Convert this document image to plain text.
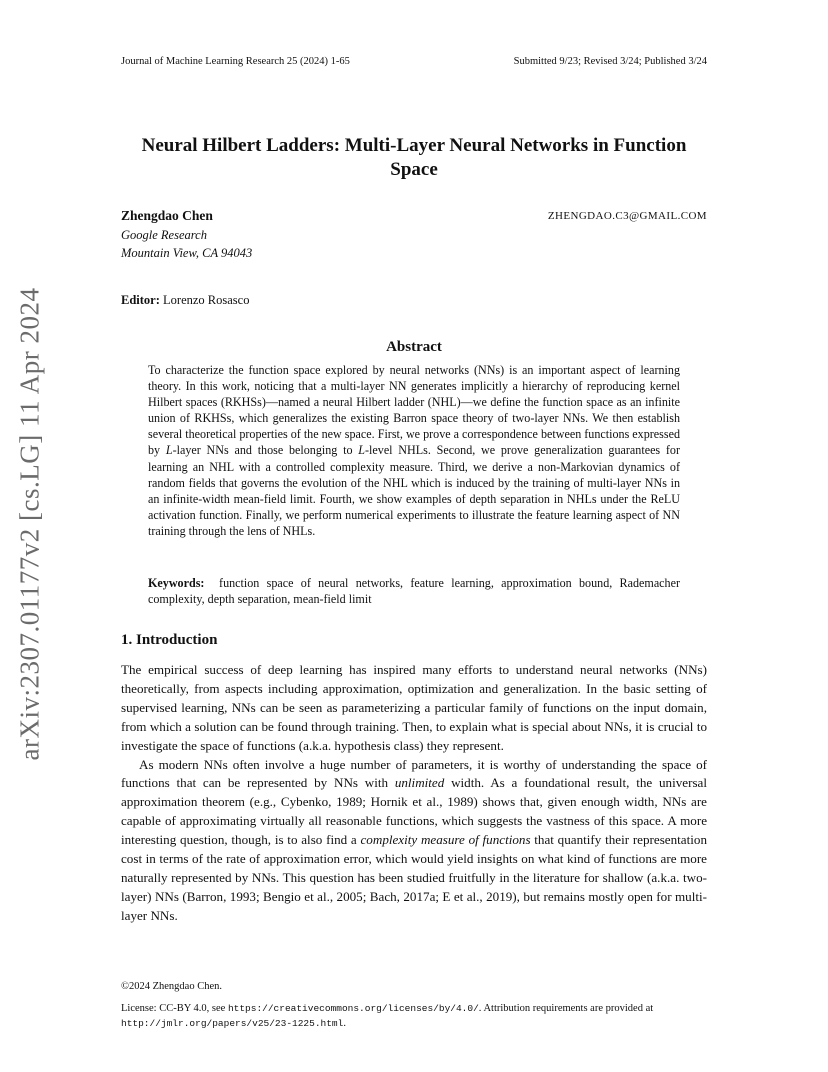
Journal of Machine Learning Research 25 (2024) 1-65	Submitted 9/23; Revised 3/24; Published 3/24
arXiv:2307.01177v2 [cs.LG] 11 Apr 2024
Neural Hilbert Ladders: Multi-Layer Neural Networks in Function Space
Zhengdao Chen	ZHENGDAO.C3@GMAIL.COM
Google Research
Mountain View, CA 94043
Editor: Lorenzo Rosasco
Abstract
To characterize the function space explored by neural networks (NNs) is an important aspect of learning theory. In this work, noticing that a multi-layer NN generates implicitly a hierarchy of reproducing kernel Hilbert spaces (RKHSs)—named a neural Hilbert ladder (NHL)—we define the function space as an infinite union of RKHSs, which generalizes the existing Barron space theory of two-layer NNs. We then establish several theoretical properties of the new space. First, we prove a correspondence between functions expressed by L-layer NNs and those belonging to L-level NHLs. Second, we prove generalization guarantees for learning an NHL with a controlled complexity measure. Third, we derive a non-Markovian dynamics of random fields that governs the evolution of the NHL which is induced by the training of multi-layer NNs in an infinite-width mean-field limit. Fourth, we show examples of depth separation in NHLs under the ReLU activation function. Finally, we perform numerical experiments to illustrate the feature learning aspect of NN training through the lens of NHLs.
Keywords: function space of neural networks, feature learning, approximation bound, Rademacher complexity, depth separation, mean-field limit
1. Introduction

The empirical success of deep learning has inspired many efforts to understand neural networks (NNs) theoretically, from aspects including approximation, optimization and generalization. In the basic setting of supervised learning, NNs can be seen as parameterizing a particular family of functions on the input domain, from which a solution can be found through training. Then, to explain what is special about NNs, it is crucial to investigate the space of functions (a.k.a. hypothesis class) they represent.

As modern NNs often involve a huge number of parameters, it is worthy of understanding the space of functions that can be represented by NNs with unlimited width. As a foundational result, the universal approximation theorem (e.g., Cybenko, 1989; Hornik et al., 1989) shows that, given enough width, NNs are capable of approximating virtually all reasonable functions, which suggests the vastness of this space. A more interesting question, though, is to also find a complexity measure of functions that quantify their representation cost in terms of the rate of approximation error, which would yield insights on what kind of functions are more naturally represented by NNs. This question has been studied fruitfully in the literature for shallow (a.k.a. two-layer) NNs (Barron, 1993; Bengio et al., 2005; Bach, 2017a; E et al., 2019), but remains mostly open for multi-layer NNs.

©2024 Zhengdao Chen.
License: CC-BY 4.0, see https://creativecommons.org/licenses/by/4.0/. Attribution requirements are provided at http://jmlr.org/papers/v25/23-1225.html.
